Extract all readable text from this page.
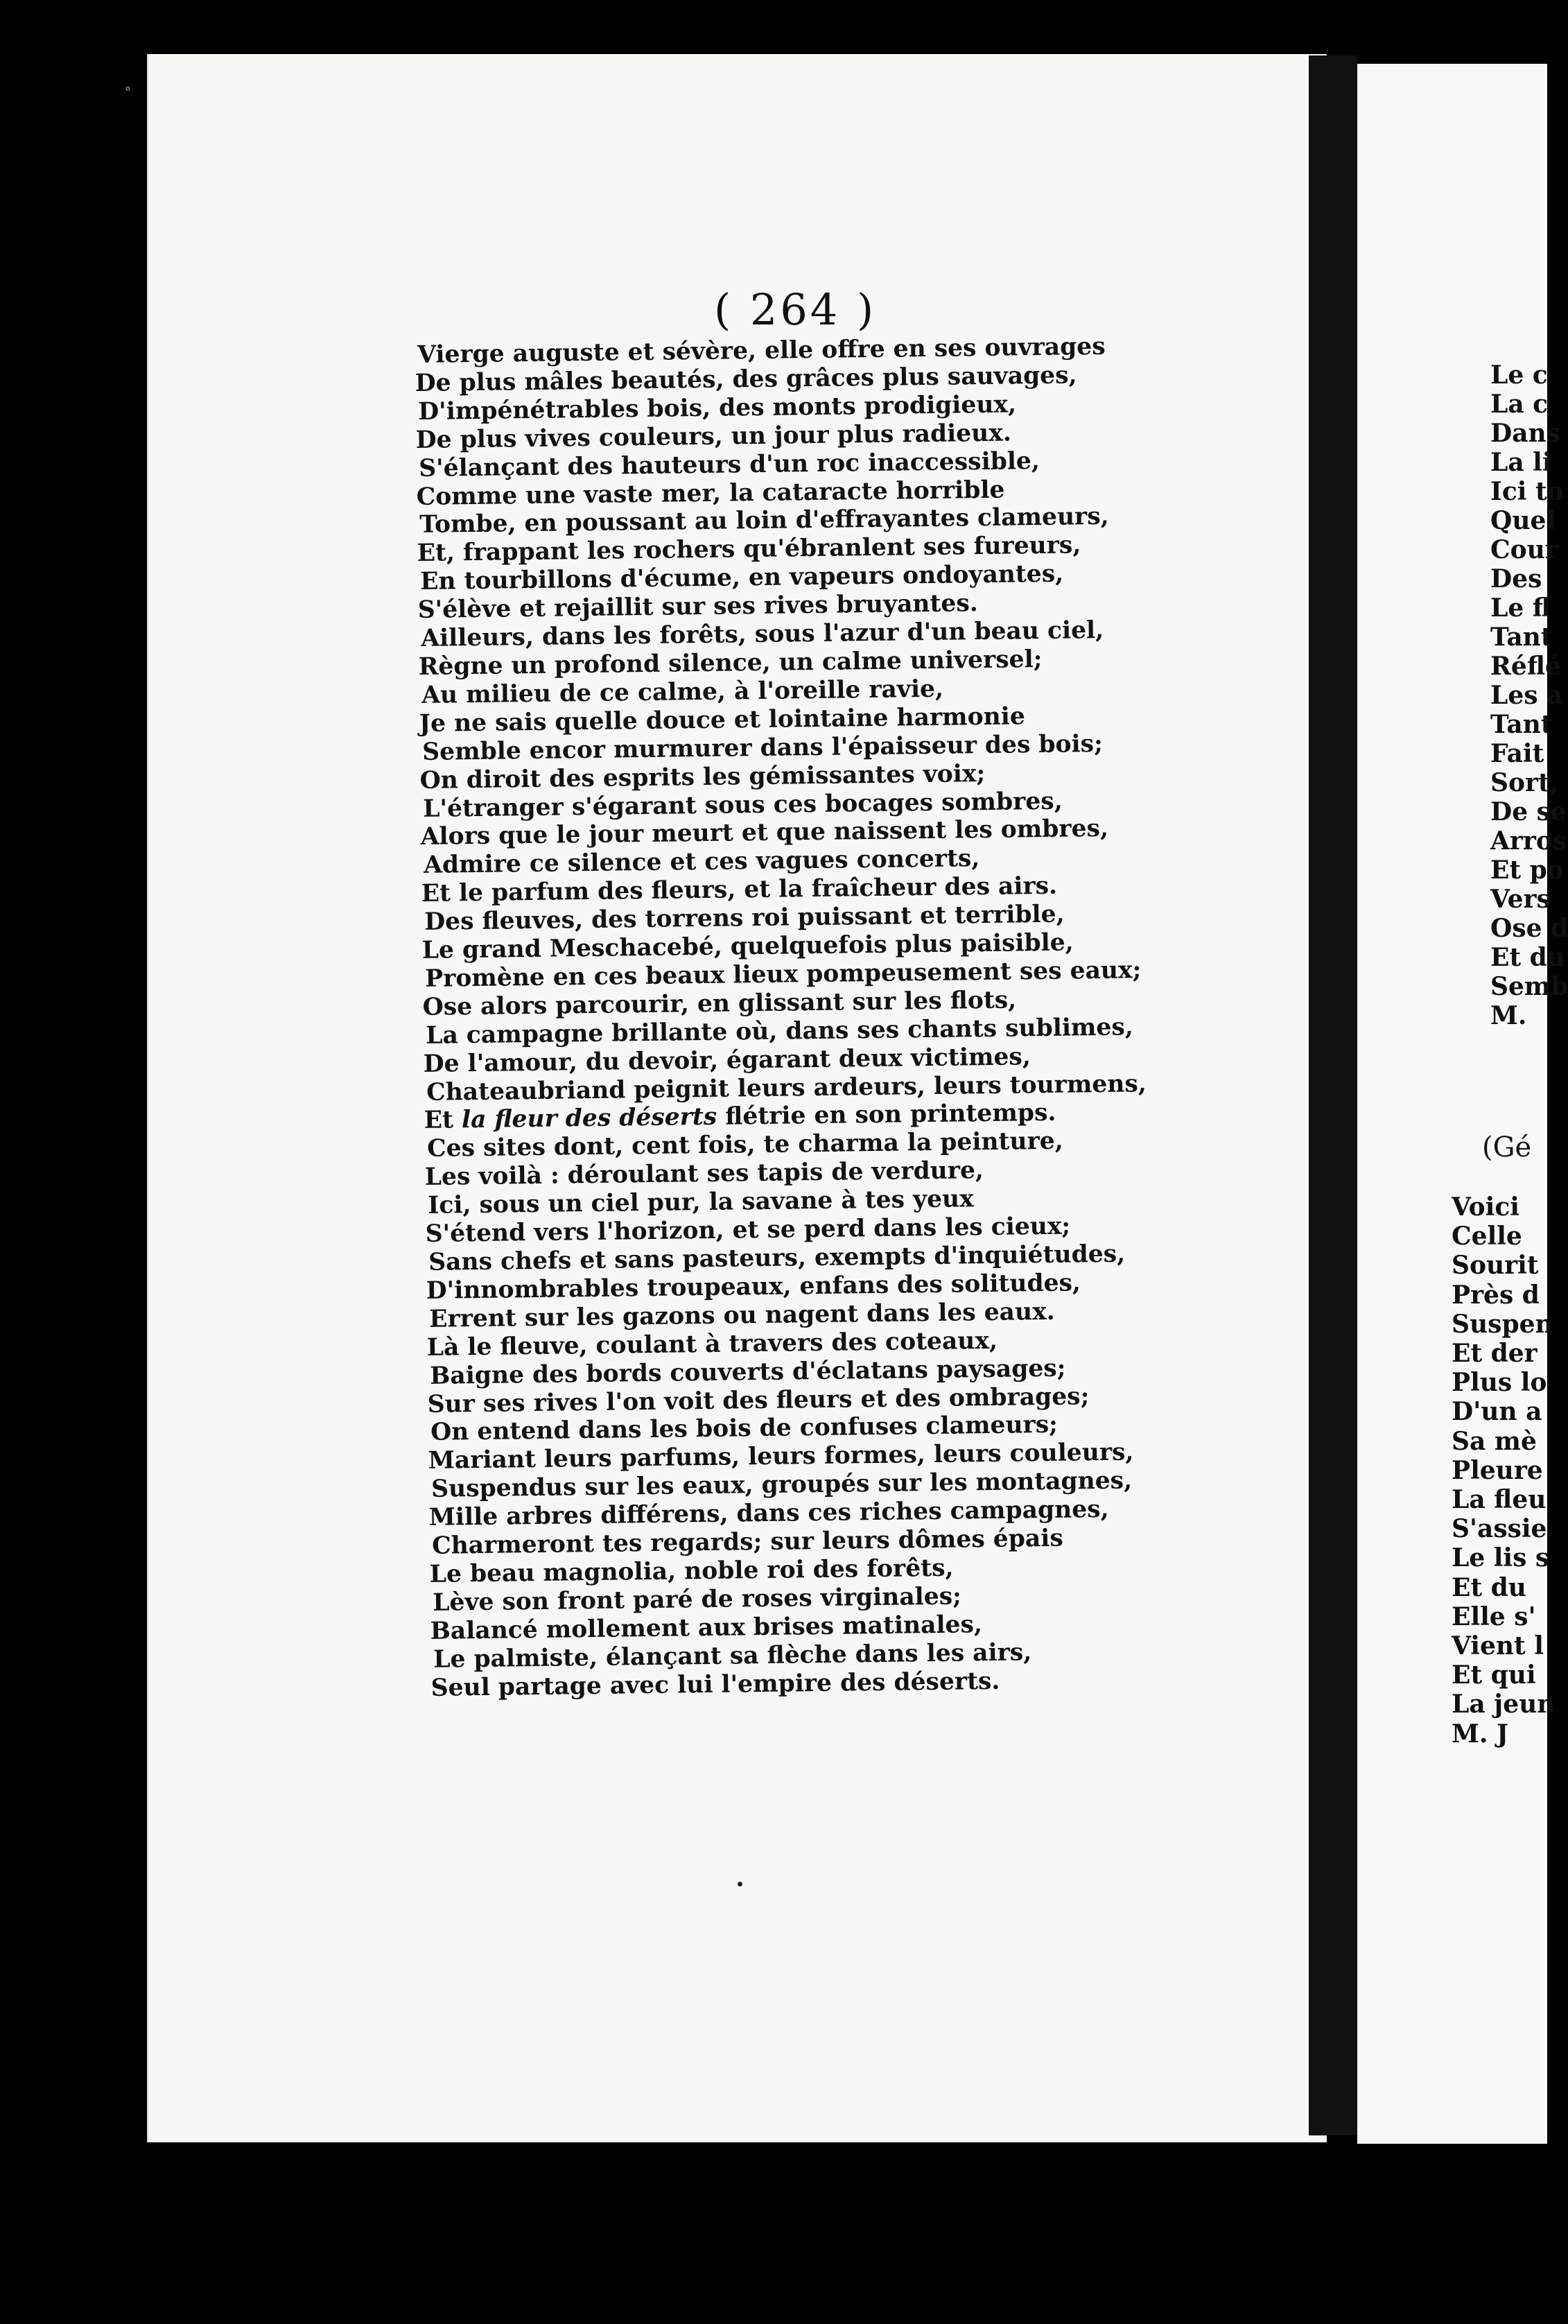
°

( 264 )

Vierge auguste et sévère, elle offre en ses ouvrages
De plus mâles beautés, des grâces plus sauvages,
D'impénétrables bois, des monts prodigieux,
De plus vives couleurs, un jour plus radieux.
S'élançant des hauteurs d'un roc inaccessible,
Comme une vaste mer, la cataracte horrible
Tombe, en poussant au loin d'effrayantes clameurs,
Et, frappant les rochers qu'ébranlent ses fureurs,
En tourbillons d'écume, en vapeurs ondoyantes,
S'élève et rejaillit sur ses rives bruyantes.
Ailleurs, dans les forêts, sous l'azur d'un beau ciel,
Règne un profond silence, un calme universel;
Au milieu de ce calme, à l'oreille ravie,
Je ne sais quelle douce et lointaine harmonie
Semble encor murmurer dans l'épaisseur des bois;
On diroit des esprits les gémissantes voix;
L'étranger s'égarant sous ces bocages sombres,
Alors que le jour meurt et que naissent les ombres,
Admire ce silence et ces vagues concerts,
Et le parfum des fleurs, et la fraîcheur des airs.
Des fleuves, des torrens roi puissant et terrible,
Le grand Meschacebé, quelquefois plus paisible,
Promène en ces beaux lieux pompeusement ses eaux;
Ose alors parcourir, en glissant sur les flots,
La campagne brillante où, dans ses chants sublimes,
De l'amour, du devoir, égarant deux victimes,
Chateaubriand peignit leurs ardeurs, leurs tourmens,
Et la fleur des déserts flétrie en son printemps.
Ces sites dont, cent fois, te charma la peinture,
Les voilà : déroulant ses tapis de verdure,
Ici, sous un ciel pur, la savane à tes yeux
S'étend vers l'horizon, et se perd dans les cieux;
Sans chefs et sans pasteurs, exempts d'inquiétudes,
D'innombrables troupeaux, enfans des solitudes,
Errent sur les gazons ou nagent dans les eaux.
Là le fleuve, coulant à travers des coteaux,
Baigne des bords couverts d'éclatans paysages;
Sur ses rives l'on voit des fleurs et des ombrages;
On entend dans les bois de confuses clameurs;
Mariant leurs parfums, leurs formes, leurs couleurs,
Suspendus sur les eaux, groupés sur les montagnes,
Mille arbres différens, dans ces riches campagnes,
Charmeront tes regards; sur leurs dômes épais
Le beau magnolia, noble roi des forêts,
Lève son front paré de roses virginales;
Balancé mollement aux brises matinales,
Le palmiste, élançant sa flèche dans les airs,
Seul partage avec lui l'empire des déserts.
Le c
La c
Dans
La li
Ici to
Quel
Cour
Des
Le fl
Tant
Réflé
Les a
Tant
Fait
Sort,
De se
Arros
Et po
Vers
Ose d
Et du
Semb
M.

(Gé

Voici
Celle
Sourit
Près d
Suspen
Et der
Plus lo
D'un a
Sa mè
Pleure
La fleu
S'assie
Le lis s
Et du
Elle s'
Vient l
Et qui
La jeun
M. J
